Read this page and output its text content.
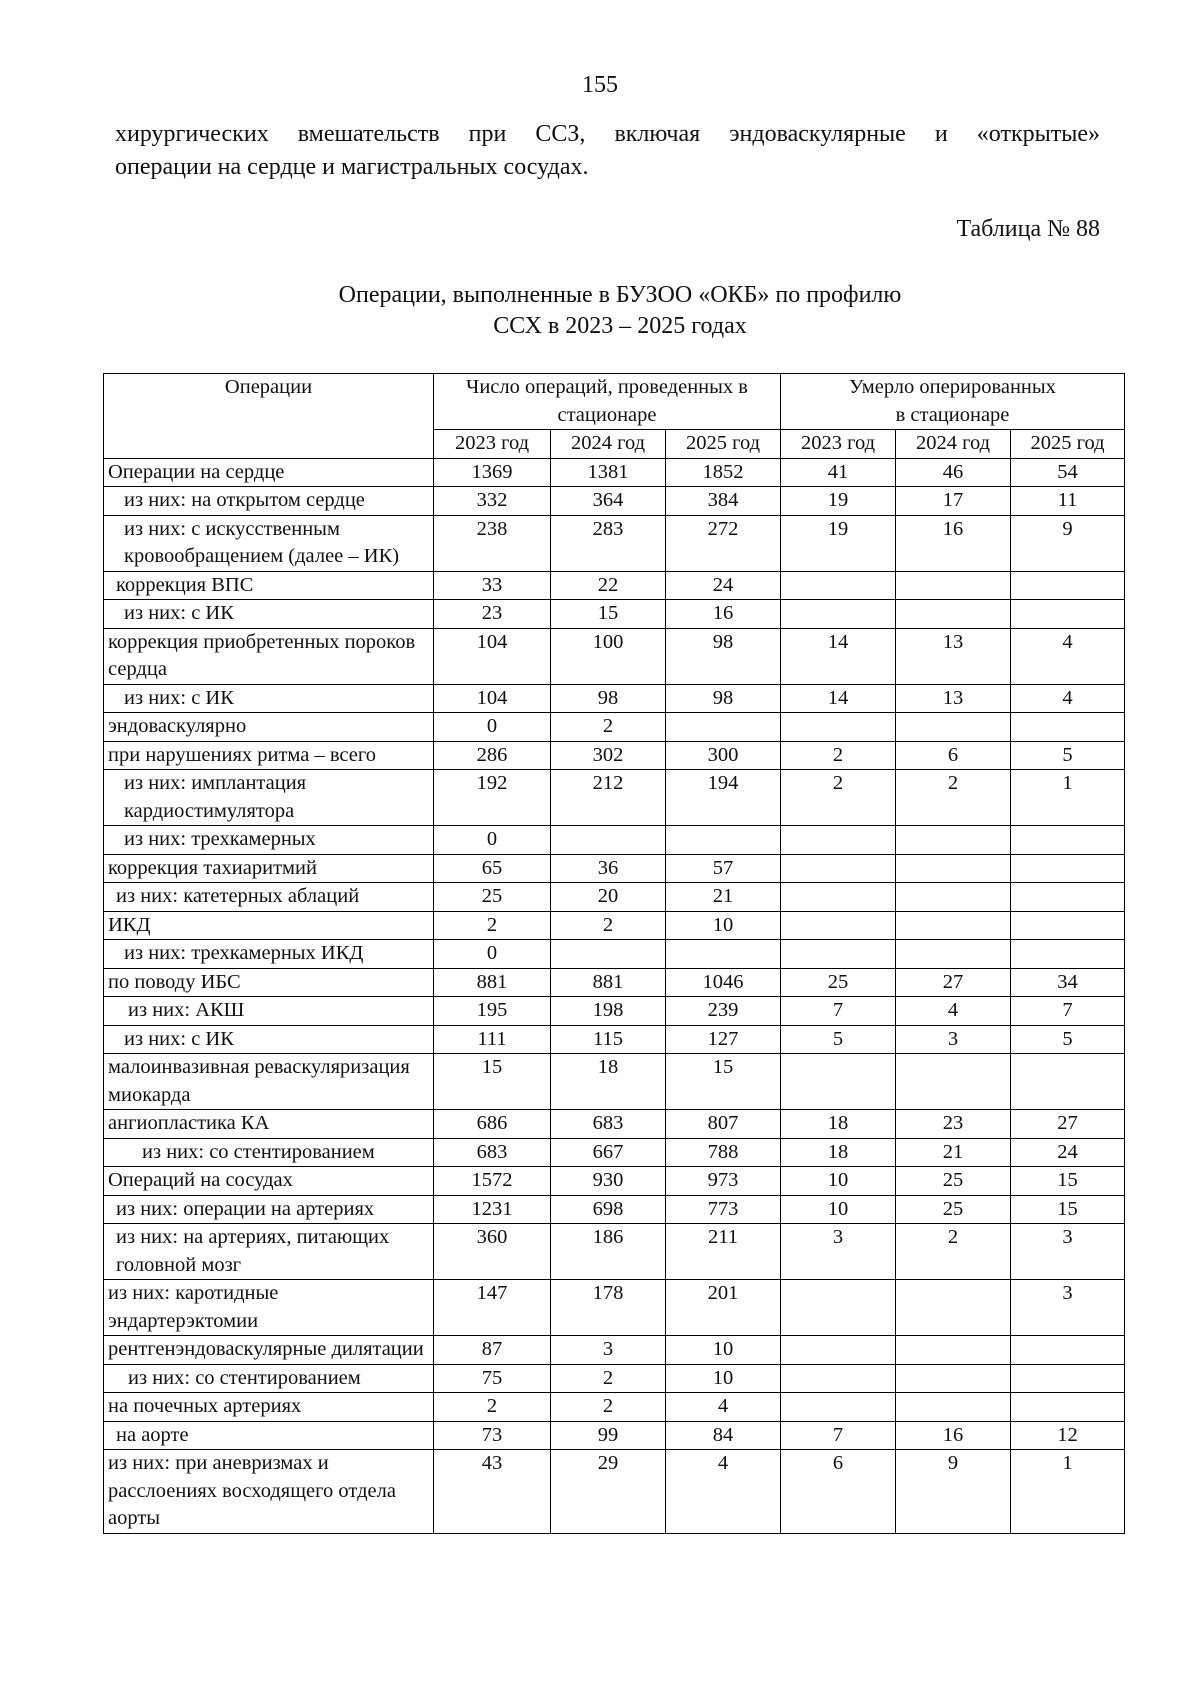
155

хирургических вмешательств при ССЗ, включая эндоваскулярные и «открытые»

операции на сердце и магистральных сосудах.

Таблица № 88
Операции, выполненные в БУЗОО «ОКБ» по профилю
ССХ в 2023 – 2025 годах
Операции	Число операций, проведенных в стационаре			Умерло оперированных
в стационаре		
	2023 год	2024 год	2025 год	2023 год	2024 год	2025 год
Операции на сердце	1369	1381	1852	41	46	54
из них: на открытом сердце	332	364	384	19	17	11
из них: с искусственным кровообращением (далее – ИК)	238	283	272	19	16	9
коррекция ВПС	33	22	24			
из них: с ИК	23	15	16			
коррекция приобретенных пороков сердца	104	100	98	14	13	4
из них: с ИК	104	98	98	14	13	4
эндоваскулярно	0	2				
при нарушениях ритма – всего	286	302	300	2	6	5
из них: имплантация кардиостимулятора	192	212	194	2	2	1
из них: трехкамерных	0					
коррекция тахиаритмий	65	36	57			
из них: катетерных аблаций	25	20	21			
ИКД	2	2	10			
из них: трехкамерных ИКД	0					
по поводу ИБС	881	881	1046	25	27	34
из них: АКШ	195	198	239	7	4	7
из них: с ИК	111	115	127	5	3	5
малоинвазивная реваскуляризация миокарда	15	18	15			
ангиопластика КА	686	683	807	18	23	27
из них: со стентированием	683	667	788	18	21	24
Операций на сосудах	1572	930	973	10	25	15
из них: операции на артериях	1231	698	773	10	25	15
из них: на артериях, питающих головной мозг	360	186	211	3	2	3
из них: каротидные эндартерэктомии	147	178	201			3
рентгенэндоваскулярные дилятации	87	3	10			
из них: со стентированием	75	2	10			
на почечных артериях	2	2	4			
на аорте	73	99	84	7	16	12
из них: при аневризмах и расслоениях восходящего отдела аорты	43	29	4	6	9	1
